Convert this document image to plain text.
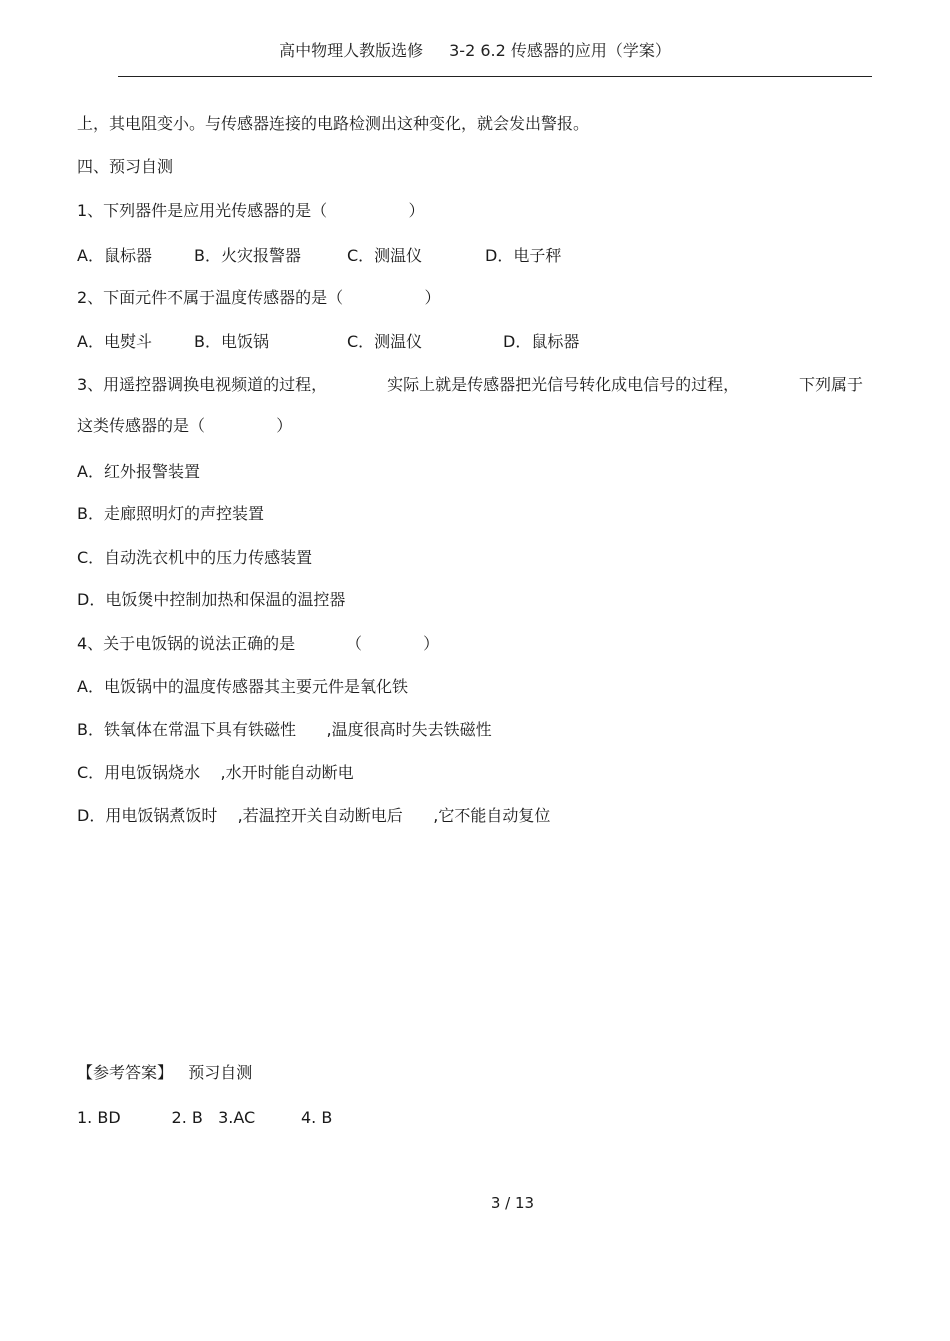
高中物理人教版选修 3-2 6.2 传感器的应用（学案）
上，其电阻变小。与传感器连接的电路检测出这种变化，就会发出警报。
四、预习自测
1、下列器件是应用光传感器的是（                ）
A．鼠标器	B．火灾报警器	C．测温仪	D．电子秤
2、下面元件不属于温度传感器的是（                ）
A．电熨斗	B．电饭锅	C．测温仪	D．鼠标器
3、用遥控器调换电视频道的过程，	实际上就是传感器把光信号转化成电信号的过程，	下列属于
这类传感器的是（              ）
A．红外报警装置
B．走廊照明灯的声控装置
C．自动洗衣机中的压力传感装置
D．电饭煲中控制加热和保温的温控器
4、关于电饭锅的说法正确的是          （            ）
A．电饭锅中的温度传感器其主要元件是氧化铁
B．铁氧体在常温下具有铁磁性      ,温度很高时失去铁磁性
C．用电饭锅烧水    ,水开时能自动断电
D．用电饭锅煮饭时    ,若温控开关自动断电后      ,它不能自动复位
【参考答案】   预习自测
1. BD          2. B   3.AC         4. B
3 / 13
